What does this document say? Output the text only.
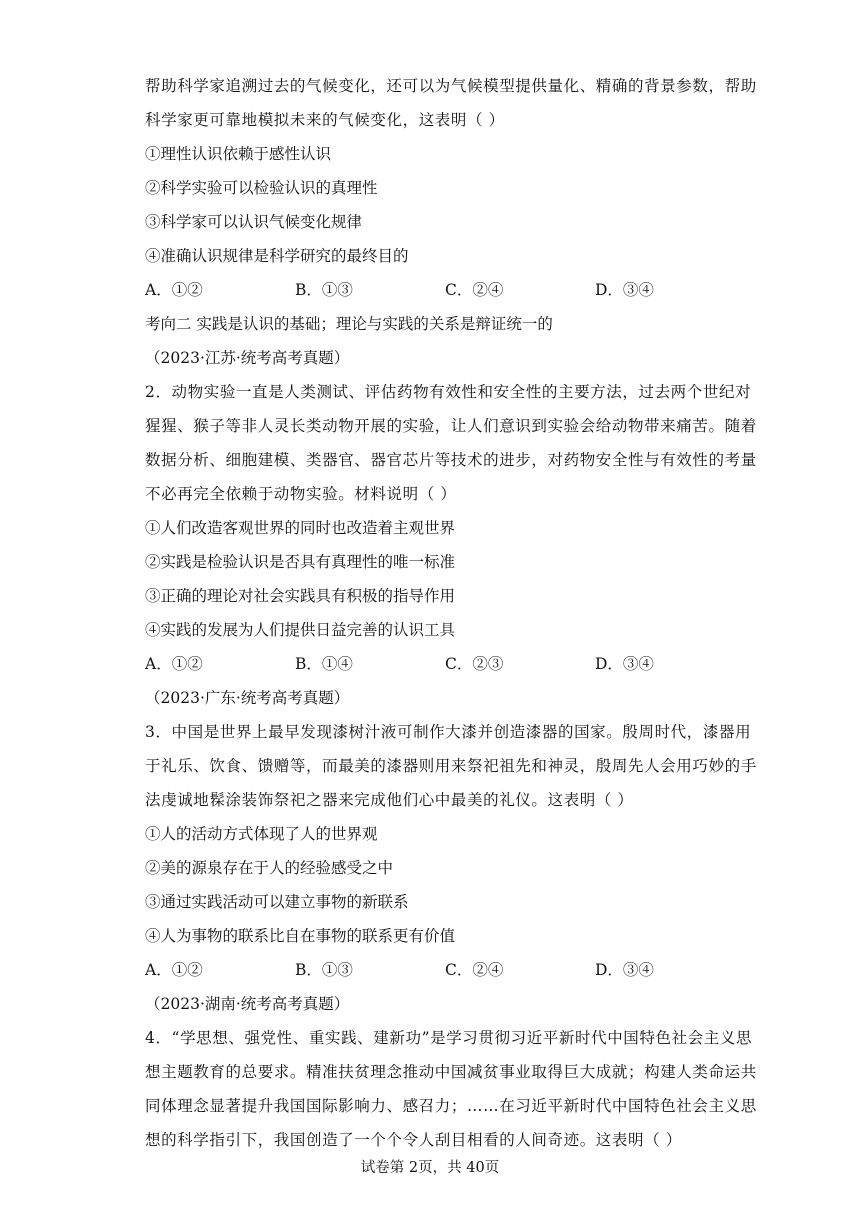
帮助科学家追溯过去的气候变化，还可以为气候模型提供量化、精确的背景参数，帮助
科学家更可靠地模拟未来的气候变化，这表明（ ）
①理性认识依赖于感性认识
②科学实验可以检验认识的真理性
③科学家可以认识气候变化规律
④准确认识规律是科学研究的最终目的
A．①②	B．①③	C．②④	D．③④
考向二 实践是认识的基础；理论与实践的关系是辩证统一的
（2023·江苏·统考高考真题）
2．动物实验一直是人类测试、评估药物有效性和安全性的主要方法，过去两个世纪对
猩猩、猴子等非人灵长类动物开展的实验，让人们意识到实验会给动物带来痛苦。随着
数据分析、细胞建模、类器官、器官芯片等技术的进步，对药物安全性与有效性的考量
不必再完全依赖于动物实验。材料说明（ ）
①人们改造客观世界的同时也改造着主观世界
②实践是检验认识是否具有真理性的唯一标准
③正确的理论对社会实践具有积极的指导作用
④实践的发展为人们提供日益完善的认识工具
A．①②	B．①④	C．②③	D．③④
（2023·广东·统考高考真题）
3．中国是世界上最早发现漆树汁液可制作大漆并创造漆器的国家。殷周时代，漆器用
于礼乐、饮食、馈赠等，而最美的漆器则用来祭祀祖先和神灵，殷周先人会用巧妙的手
法虔诚地髹涂装饰祭祀之器来完成他们心中最美的礼仪。这表明（ ）
①人的活动方式体现了人的世界观
②美的源泉存在于人的经验感受之中
③通过实践活动可以建立事物的新联系
④人为事物的联系比自在事物的联系更有价值
A．①②	B．①③	C．②④	D．③④
（2023·湖南·统考高考真题）
4．“学思想、强党性、重实践、建新功”是学习贯彻习近平新时代中国特色社会主义思
想主题教育的总要求。精准扶贫理念推动中国减贫事业取得巨大成就；构建人类命运共
同体理念显著提升我国国际影响力、感召力；……在习近平新时代中国特色社会主义思
想的科学指引下，我国创造了一个个令人刮目相看的人间奇迹。这表明（ ）
试卷第 2页，共 40页
